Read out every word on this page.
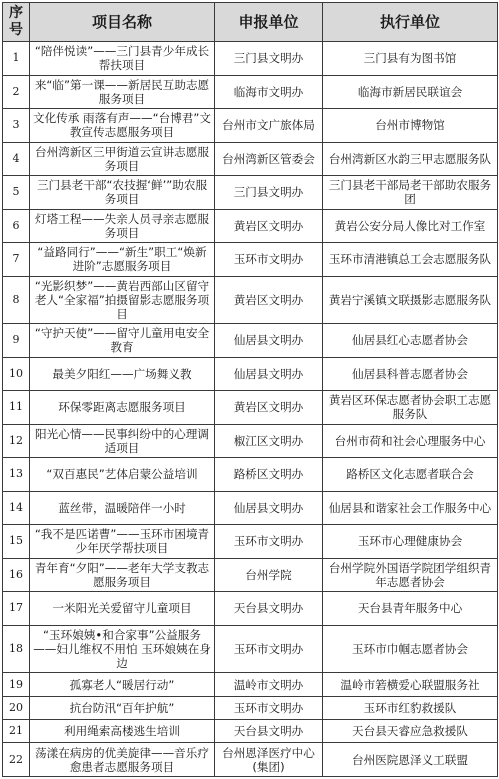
序号	项目名称	申报单位	执行单位
1	“陪伴悦读”——三门县青少年成长帮扶项目	三门县文明办	三门县有为图书馆
2	来“临”第一课——新居民互助志愿服务项目	临海市文明办	临海市新居民联谊会
3	文化传承 雨落有声——“台博君”文教宣传志愿服务项目	台州市文广旅体局	台州市博物馆
4	台州湾新区三甲街道云宣讲志愿服务项目	台州湾新区管委会	台州湾新区水韵三甲志愿服务队
5	三门县老干部“农技握‘鲜’”助农服务项目	三门县文明办	三门县老干部局老干部助农服务团
6	灯塔工程——失亲人员寻亲志愿服务项目	黄岩区文明办	黄岩公安分局人像比对工作室
7	“益路同行”——“新生”职工“焕新进阶”志愿服务项目	玉环市文明办	玉环市清港镇总工会志愿服务队
8	“光影织梦”——黄岩西部山区留守老人“全家福”拍摄留影志愿服务项目	黄岩区文明办	黄岩宁溪镇文联摄影志愿服务队
9	“守护天使”——留守儿童用电安全教育	仙居县文明办	仙居县红心志愿者协会
10	最美夕阳红——广场舞义教	仙居县文明办	仙居县科普志愿者协会
11	环保零距离志愿服务项目	黄岩区文明办	黄岩区环保志愿者协会职工志愿服务队
12	阳光心情——民事纠纷中的心理调适项目	椒江区文明办	台州市荷和社会心理服务中心
13	“双百惠民”艺体启蒙公益培训	路桥区文明办	路桥区文化志愿者联合会
14	蓝丝带，温暖陪伴一小时	仙居县文明办	仙居县和谐家社会工作服务中心
15	“我不是匹诺曹”——玉环市困境青少年厌学帮扶项目	玉环市文明办	玉环市心理健康协会
16	青年育“夕阳”——老年大学支教志愿服务项目	台州学院	台州学院外国语学院团学组织青年志愿者协会
17	一米阳光关爱留守儿童项目	天台县文明办	天台县青年服务中心
18	“玉环娘姨•和合家事”公益服务——妇儿维权不用怕 玉环娘姨在身边	玉环市文明办	玉环市巾帼志愿者协会
19	孤寡老人“暖居行动”	温岭市文明办	温岭市箬横爱心联盟服务社
20	抗台防汛“百年护航”	玉环市文明办	玉环市红豹救援队
21	利用绳索高楼逃生培训	天台县文明办	天台县天睿应急救援队
22	荡漾在病房的优美旋律——音乐疗愈患者志愿服务项目	台州恩泽医疗中心(集团)	台州医院恩泽义工联盟
